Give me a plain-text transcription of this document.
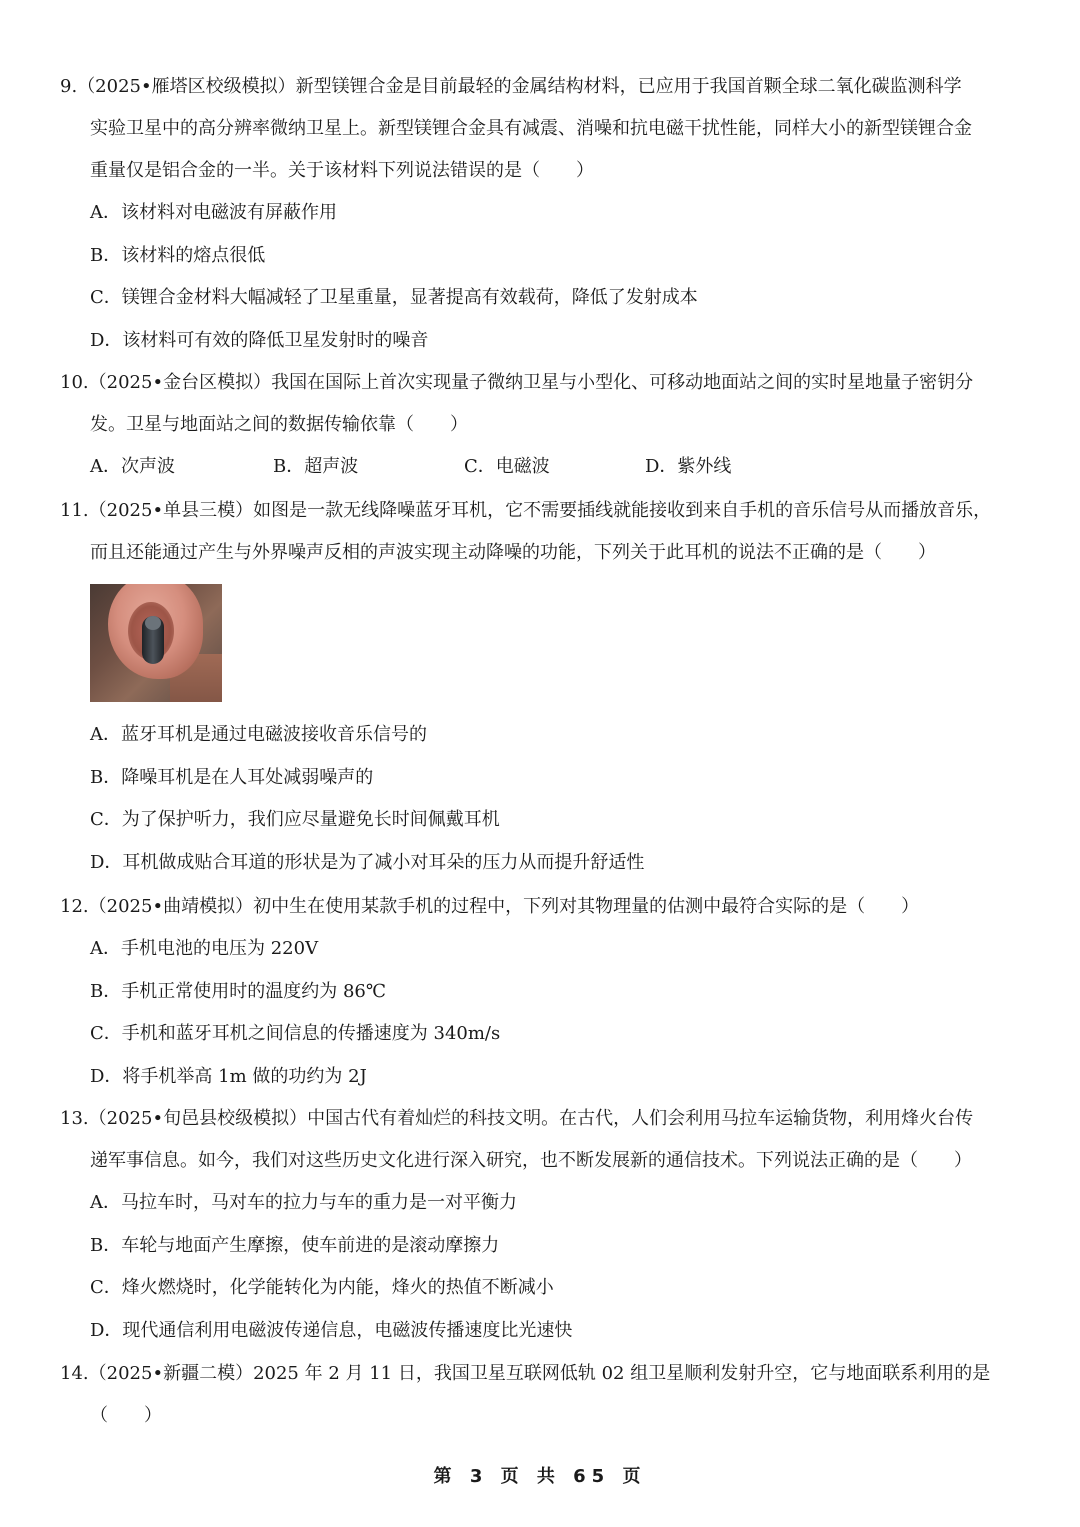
9.（2025•雁塔区校级模拟）新型镁锂合金是目前最轻的金属结构材料，已应用于我国首颗全球二氧化碳监测科学

实验卫星中的高分辨率微纳卫星上。新型镁锂合金具有减震、消噪和抗电磁干扰性能，同样大小的新型镁锂合金

重量仅是铝合金的一半。关于该材料下列说法错误的是（　　）

A．该材料对电磁波有屏蔽作用

B．该材料的熔点很低

C．镁锂合金材料大幅减轻了卫星重量，显著提高有效载荷，降低了发射成本

D．该材料可有效的降低卫星发射时的噪音

10.（2025•金台区模拟）我国在国际上首次实现量子微纳卫星与小型化、可移动地面站之间的实时星地量子密钥分

发。卫星与地面站之间的数据传输依靠（　　）

A．次声波	B．超声波	C．电磁波	D．紫外线

11.（2025•单县三模）如图是一款无线降噪蓝牙耳机，它不需要插线就能接收到来自手机的音乐信号从而播放音乐，

而且还能通过产生与外界噪声反相的声波实现主动降噪的功能，下列关于此耳机的说法不正确的是（　　）

A．蓝牙耳机是通过电磁波接收音乐信号的

B．降噪耳机是在人耳处减弱噪声的

C．为了保护听力，我们应尽量避免长时间佩戴耳机

D．耳机做成贴合耳道的形状是为了减小对耳朵的压力从而提升舒适性

12.（2025•曲靖模拟）初中生在使用某款手机的过程中，下列对其物理量的估测中最符合实际的是（　　）

A．手机电池的电压为 220V

B．手机正常使用时的温度约为 86℃

C．手机和蓝牙耳机之间信息的传播速度为 340m/s

D．将手机举高 1m 做的功约为 2J

13.（2025•旬邑县校级模拟）中国古代有着灿烂的科技文明。在古代，人们会利用马拉车运输货物，利用烽火台传

递军事信息。如今，我们对这些历史文化进行深入研究，也不断发展新的通信技术。下列说法正确的是（　　）

A．马拉车时，马对车的拉力与车的重力是一对平衡力

B．车轮与地面产生摩擦，使车前进的是滚动摩擦力

C．烽火燃烧时，化学能转化为内能，烽火的热值不断减小

D．现代通信利用电磁波传递信息，电磁波传播速度比光速快

14.（2025•新疆二模）2025 年 2 月 11 日，我国卫星互联网低轨 02 组卫星顺利发射升空，它与地面联系利用的是

（　　）

第 3 页 共 65 页
